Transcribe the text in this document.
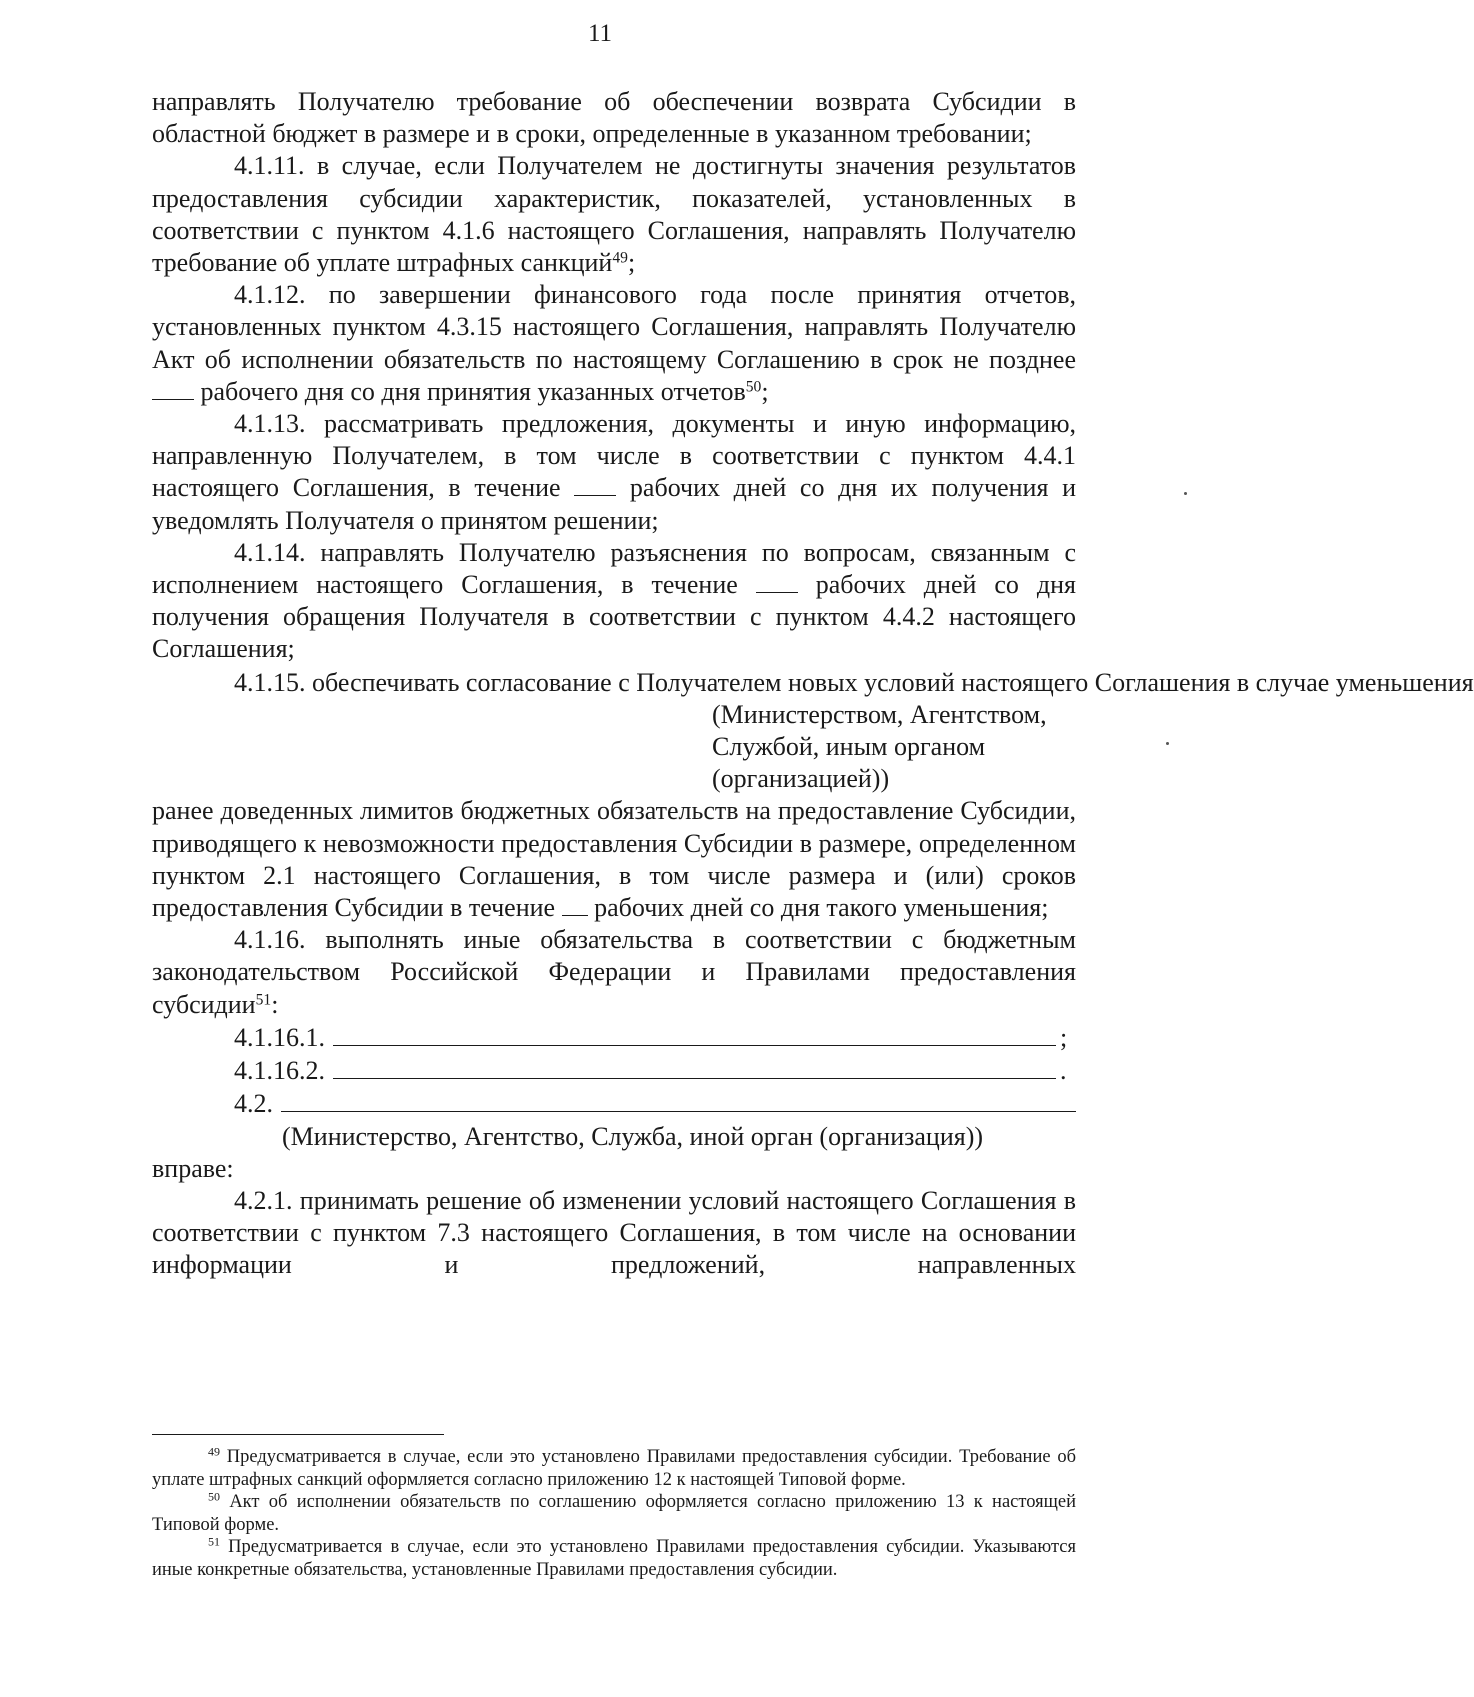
11

направлять Получателю требование об обеспечении возврата Субсидии в областной бюджет в размере и в сроки, определенные в указанном требовании;

4.1.11. в случае, если Получателем не достигнуты значения результатов предоставления субсидии характеристик, показателей, установленных в соответствии с пунктом 4.1.6 настоящего Соглашения, направлять Получателю требование об уплате штрафных санкций$^{49}$;

4.1.12. по завершении финансового года после принятия отчетов, установленных пунктом 4.3.15 настоящего Соглашения, направлять Получателю Акт об исполнении обязательств по настоящему Соглашению в срок не позднее  рабочего дня со дня принятия указанных отчетов$^{50}$;

4.1.13. рассматривать предложения, документы и иную информацию, направленную Получателем, в том числе в соответствии с пунктом 4.4.1 настоящего Соглашения, в течение  рабочих дней со дня их получения и уведомлять Получателя о принятом решении;

4.1.14. направлять Получателю разъяснения по вопросам, связанным с исполнением настоящего Соглашения, в течение  рабочих дней со дня получения обращения Получателя в соответствии с пунктом 4.4.2 настоящего Соглашения;

4.1.15. обеспечивать согласование с Получателем новых условий настоящего Соглашения в случае уменьшения

(Министерством, Агентством,
Службой, иным органом
(организацией))

ранее доведенных лимитов бюджетных обязательств на предоставление Субсидии, приводящего к невозможности предоставления Субсидии в размере, определенном пунктом 2.1 настоящего Соглашения, в том числе размера и (или) сроков предоставления Субсидии в течение  рабочих дней со дня такого уменьшения;

4.1.16. выполнять иные обязательства в соответствии с бюджетным законодательством Российской Федерации и Правилами предоставления субсидии$^{51}$:

4.1.16.1.	;
4.1.16.2.	.
4.2.
(Министерство, Агентство, Служба, иной орган (организация))

вправе:

4.2.1. принимать решение об изменении условий настоящего Соглашения в соответствии с пунктом 7.3 настоящего Соглашения, в том числе на основании информации и предложений, направленных

$^{49}$ Предусматривается в случае, если это установлено Правилами предоставления субсидии. Требование об уплате штрафных санкций оформляется согласно приложению 12 к настоящей Типовой форме.

$^{50}$ Акт об исполнении обязательств по соглашению оформляется согласно приложению 13 к настоящей Типовой форме.

$^{51}$ Предусматривается в случае, если это установлено Правилами предоставления субсидии. Указываются иные конкретные обязательства, установленные Правилами предоставления субсидии.
